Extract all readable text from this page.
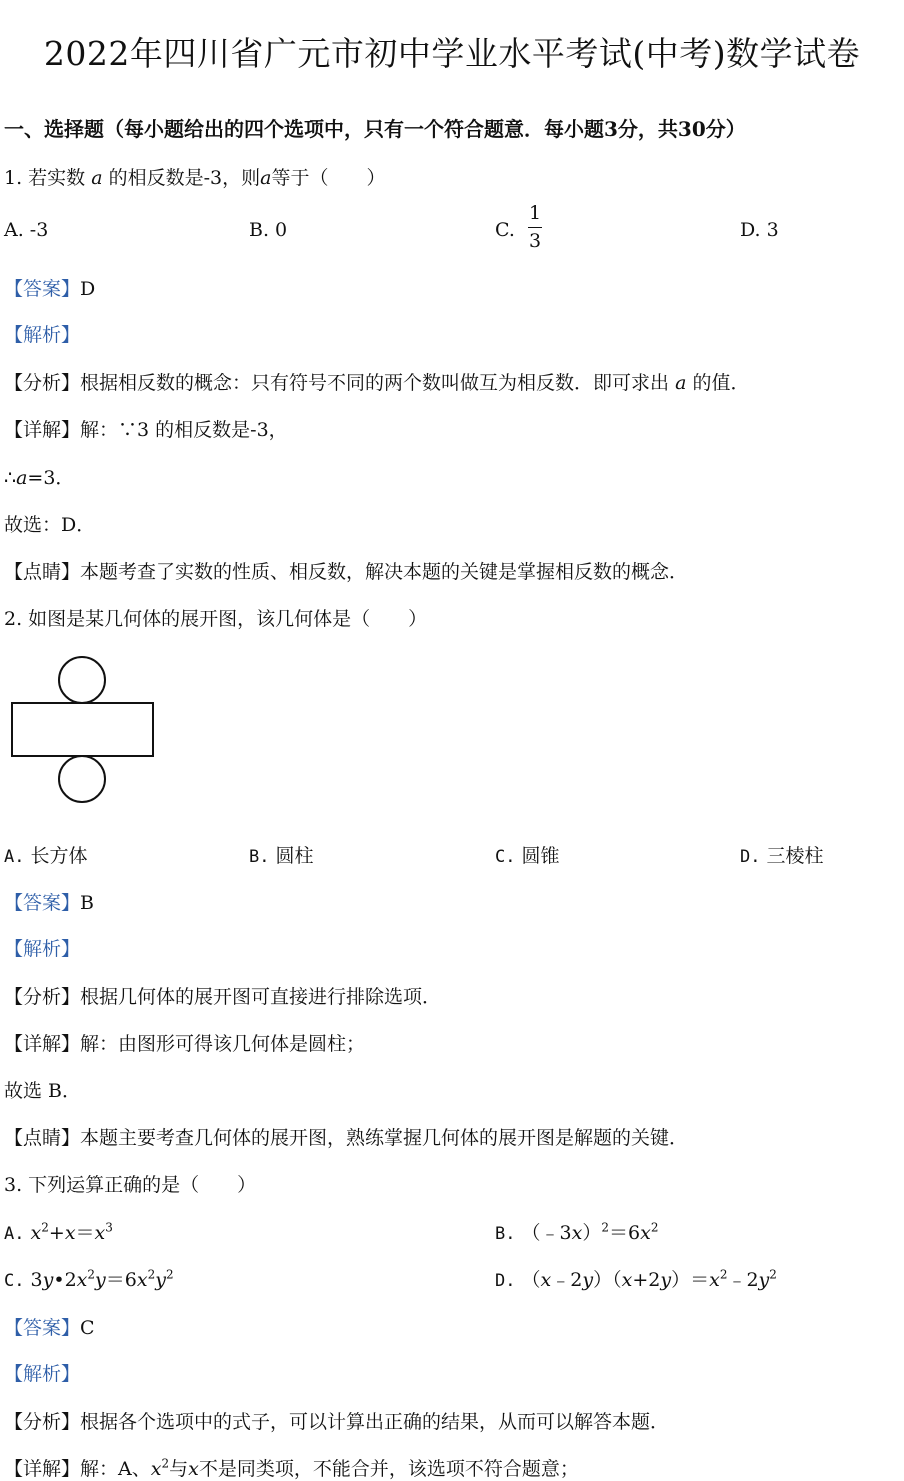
2022年四川省广元市初中学业水平考试(中考)数学试卷
一、选择题（每小题给出的四个选项中，只有一个符合题意．每小题3分，共30分）
1. 若实数 a 的相反数是-3，则a等于（　　）
A. -3	B. 0	C.
1
3	D. 3
【答案】D
【解析】
【分析】根据相反数的概念：只有符号不同的两个数叫做互为相反数．即可求出 a 的值．
【详解】解：∵3 的相反数是-3，
∴a=3．
故选：D．
【点睛】本题考查了实数的性质、相反数，解决本题的关键是掌握相反数的概念．
2. 如图是某几何体的展开图，该几何体是（　　）
A. 长方体	B. 圆柱	C. 圆锥	D. 三棱柱
【答案】B
【解析】
【分析】根据几何体的展开图可直接进行排除选项．
【详解】解：由图形可得该几何体是圆柱；
故选 B．
【点睛】本题主要考查几何体的展开图，熟练掌握几何体的展开图是解题的关键．
3. 下列运算正确的是（　　）
A. $x^2+x=x^3$	B. $(﹣3x)^2=6x^2$
C. $3y•2x^2y=6x^2y^2$	D. $(x﹣2y)(x+2y)=x^2﹣2y^2$
【答案】C
【解析】
【分析】根据各个选项中的式子，可以计算出正确的结果，从而可以解答本题．
【详解】解：A、$x^2$与x不是同类项，不能合并，该选项不符合题意；
